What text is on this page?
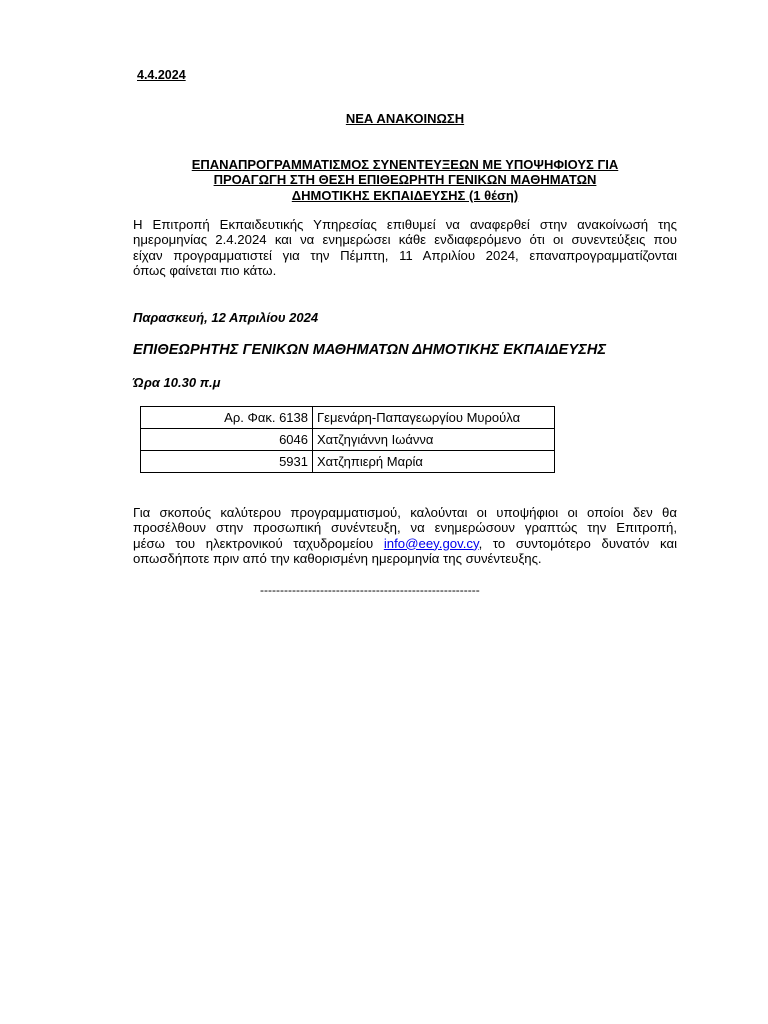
4.4.2024
ΝΕΑ ΑΝΑΚΟΙΝΩΣΗ
ΕΠΑΝΑΠΡΟΓΡΑΜΜΑΤΙΣΜΟΣ ΣΥΝΕΝΤΕΥΞΕΩΝ ΜΕ ΥΠΟΨΗΦΙΟΥΣ ΓΙΑ
ΠΡΟΑΓΩΓΗ ΣΤΗ ΘΕΣΗ ΕΠΙΘΕΩΡΗΤΗ ΓΕΝΙΚΩΝ ΜΑΘΗΜΑΤΩΝ
ΔΗΜΟΤΙΚΗΣ ΕΚΠΑΙΔΕΥΣΗΣ (1 θέση)
Η Επιτροπή Εκπαιδευτικής Υπηρεσίας επιθυμεί να αναφερθεί στην ανακοίνωσή της
ημερομηνίας 2.4.2024 και να ενημερώσει κάθε ενδιαφερόμενο ότι οι συνεντεύξεις που
είχαν προγραμματιστεί για την Πέμπτη, 11 Απριλίου 2024, επαναπρογραμματίζονται
όπως φαίνεται πιο κάτω.
Παρασκευή, 12 Απριλίου 2024
ΕΠΙΘΕΩΡΗΤΗΣ ΓΕΝΙΚΩΝ ΜΑΘΗΜΑΤΩΝ ΔΗΜΟΤΙΚΗΣ ΕΚΠΑΙΔΕΥΣΗΣ
Ώρα 10.30 π.μ
Αρ. Φακ. 6138	Γεμενάρη-Παπαγεωργίου Μυρούλα
6046	Χατζηγιάννη Ιωάννα
5931	Χατζηπιερή Μαρία
Για σκοπούς καλύτερου προγραμματισμού, καλούνται οι υποψήφιοι οι οποίοι δεν θα
προσέλθουν στην προσωπική συνέντευξη, να ενημερώσουν γραπτώς την Επιτροπή,
μέσω του ηλεκτρονικού ταχυδρομείου info@eey.gov.cy, το συντομότερο δυνατόν και
οπωσδήποτε πριν από την καθορισμένη ημερομηνία της συνέντευξης.
-------------------------------------------------------
